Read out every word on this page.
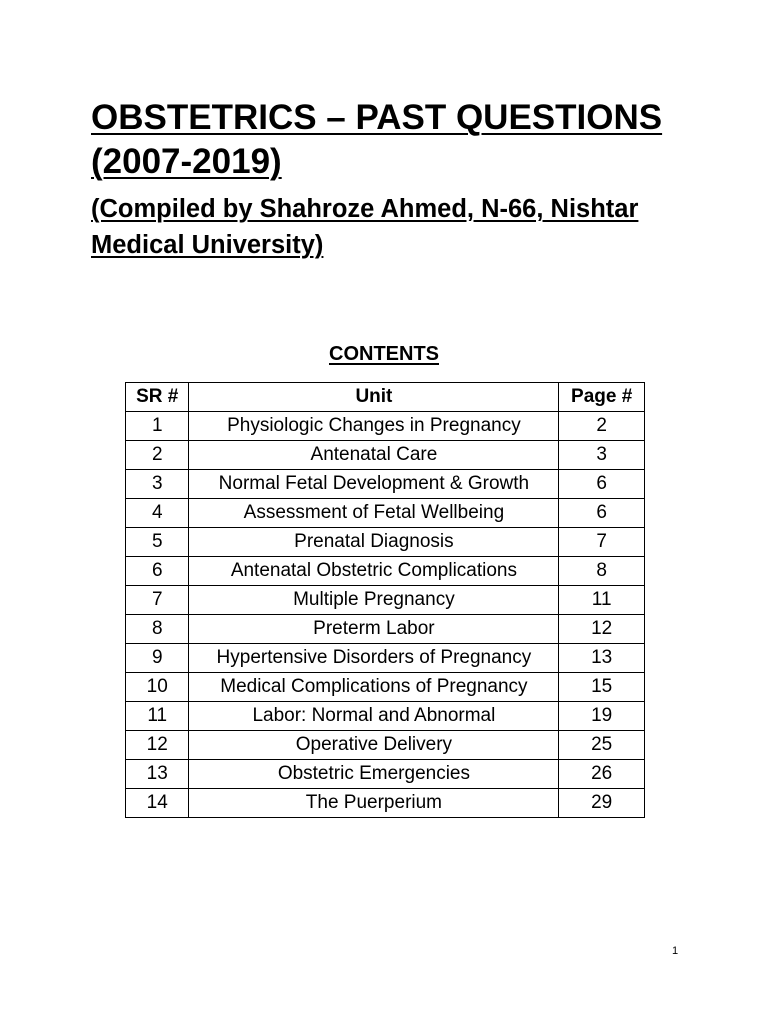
OBSTETRICS – PAST QUESTIONS
(2007-2019)
(Compiled by Shahroze Ahmed, N-66, Nishtar
Medical University)
CONTENTS
SR #	Unit	Page #
1	Physiologic Changes in Pregnancy	2
2	Antenatal Care	3
3	Normal Fetal Development & Growth	6
4	Assessment of Fetal Wellbeing	6
5	Prenatal Diagnosis	7
6	Antenatal Obstetric Complications	8
7	Multiple Pregnancy	11
8	Preterm Labor	12
9	Hypertensive Disorders of Pregnancy	13
10	Medical Complications of Pregnancy	15
11	Labor: Normal and Abnormal	19
12	Operative Delivery	25
13	Obstetric Emergencies	26
14	The Puerperium	29
1
